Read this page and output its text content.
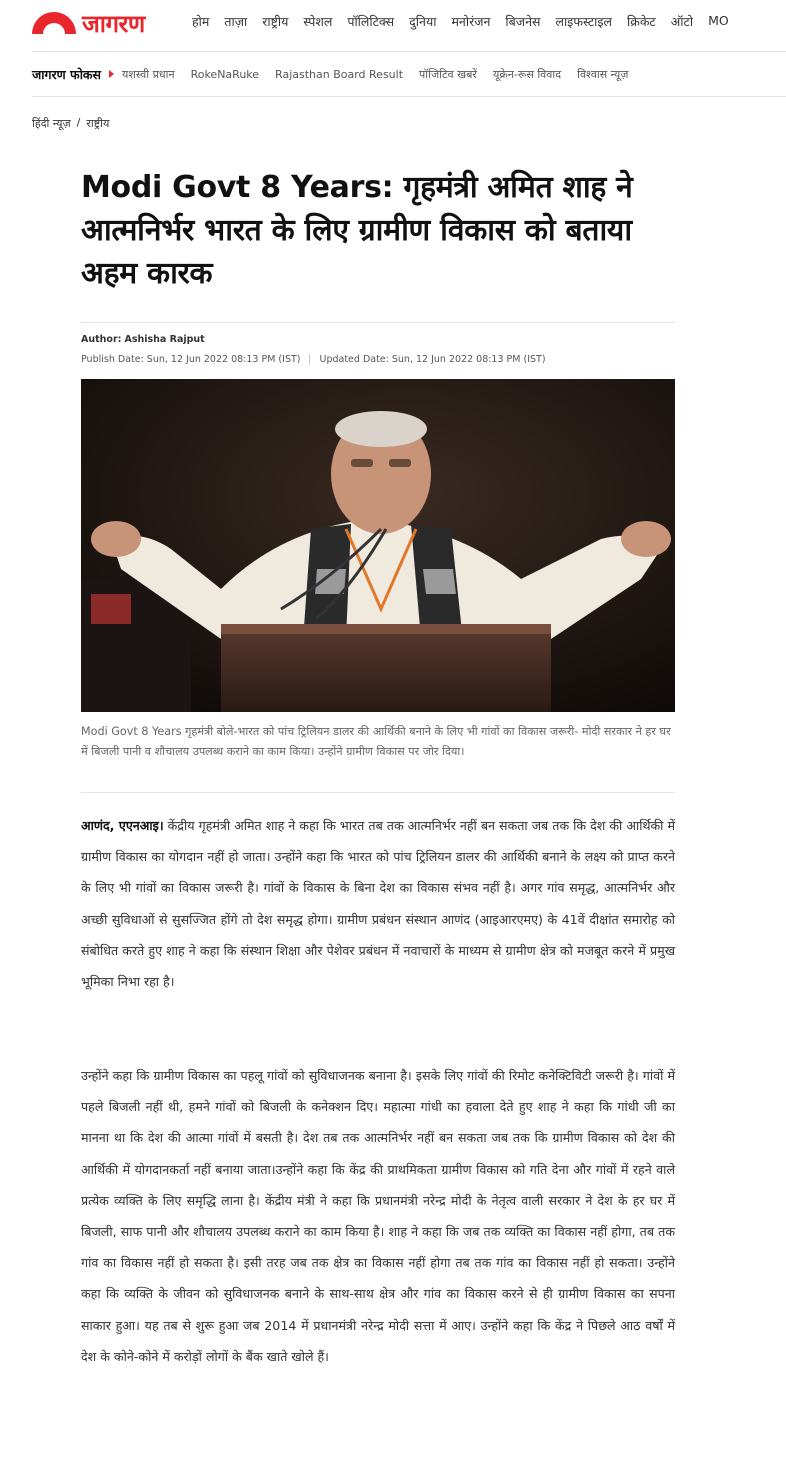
जागरण	होम ताज़ा राष्ट्रीय स्पेशल पॉलिटिक्स दुनिया मनोरंजन बिजनेस लाइफस्टाइल क्रिकेट ऑटो MO
जागरण फोकस यशस्वी प्रधान RokeNaRuke Rajasthan Board Result पॉजिटिव खबरें यूक्रेन-रूस विवाद विश्वास न्यूज़
हिंदी न्यूज़ / राष्ट्रीय
Modi Govt 8 Years: गृहमंत्री अमित शाह ने आत्मनिर्भर भारत के लिए ग्रामीण विकास को बताया अहम कारक
Author: Ashisha Rajput
Publish Date: Sun, 12 Jun 2022 08:13 PM (IST) Updated Date: Sun, 12 Jun 2022 08:13 PM (IST)

Modi Govt 8 Years गृहमंत्री बोले-भारत को पांच ट्रिलियन डालर की आर्थिकी बनाने के लिए भी गांवों का विकास जरूरी- मोदी सरकार ने हर घर में बिजली पानी व शौचालय उपलब्ध कराने का काम किया। उन्होंने ग्रामीण विकास पर जोर दिया।

आणंद, एएनआइ। केंद्रीय गृहमंत्री अमित शाह ने कहा कि भारत तब तक आत्मनिर्भर नहीं बन सकता जब तक कि देश की आर्थिकी में ग्रामीण विकास का योगदान नहीं हो जाता। उन्होंने कहा कि भारत को पांच ट्रिलियन डालर की आर्थिकी बनाने के लक्ष्य को प्राप्त करने के लिए भी गांवों का विकास जरूरी है। गांवों के विकास के बिना देश का विकास संभव नहीं है। अगर गांव समृद्ध, आत्मनिर्भर और अच्छी सुविधाओं से सुसज्जित होंगे तो देश समृद्ध होगा। ग्रामीण प्रबंधन संस्थान आणंद (आइआरएमए) के 41वें दीक्षांत समारोह को संबोधित करते हुए शाह ने कहा कि संस्थान शिक्षा और पेशेवर प्रबंधन में नवाचारों के माध्यम से ग्रामीण क्षेत्र को मजबूत करने में प्रमुख भूमिका निभा रहा है।

उन्होंने कहा कि ग्रामीण विकास का पहलू गांवों को सुविधाजनक बनाना है। इसके लिए गांवों की रिमोट कनेक्टिविटी जरूरी है। गांवों में पहले बिजली नहीं थी, हमने गांवों को बिजली के कनेक्शन दिए। महात्मा गांधी का हवाला देते हुए शाह ने कहा कि गांधी जी का मानना था कि देश की आत्मा गांवों में बसती है। देश तब तक आत्मनिर्भर नहीं बन सकता जब तक कि ग्रामीण विकास को देश की आर्थिकी में योगदानकर्ता नहीं बनाया जाता।उन्होंने कहा कि केंद्र की प्राथमिकता ग्रामीण विकास को गति देना और गांवों में रहने वाले प्रत्येक व्यक्ति के लिए समृद्धि लाना है। केंद्रीय मंत्री ने कहा कि प्रधानमंत्री नरेन्द्र मोदी के नेतृत्व वाली सरकार ने देश के हर घर में बिजली, साफ पानी और शौचालय उपलब्ध कराने का काम किया है। शाह ने कहा कि जब तक व्यक्ति का विकास नहीं होगा, तब तक गांव का विकास नहीं हो सकता है। इसी तरह जब तक क्षेत्र का विकास नहीं होगा तब तक गांव का विकास नहीं हो सकता। उन्होंने कहा कि व्यक्ति के जीवन को सुविधाजनक बनाने के साथ-साथ क्षेत्र और गांव का विकास करने से ही ग्रामीण विकास का सपना साकार हुआ। यह तब से शुरू हुआ जब 2014 में प्रधानमंत्री नरेन्द्र मोदी सत्ता में आए। उन्होंने कहा कि केंद्र ने पिछले आठ वर्षों में देश के कोने-कोने में करोड़ों लोगों के बैंक खाते खोले हैं।
